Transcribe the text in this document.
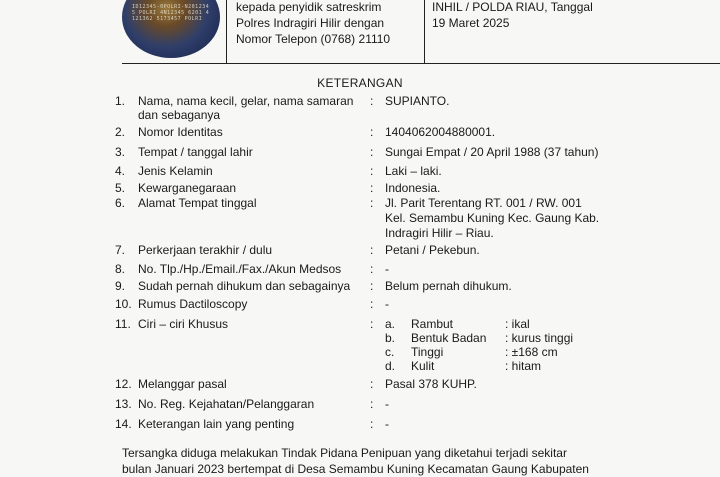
ID12345-0POLRI-N2012345 POLRI 4N12345 6201 4121362 5173457 POLRI
kepada penyidik satreskrim
Polres Indragiri Hilir dengan
Nomor Telepon (0768) 21110
INHIL / POLDA RIAU, Tanggal
19 Maret 2025
KETERANGAN
1. Nama, nama kecil, gelar, nama samaran
dan sebaganya
: SUPIANTO.
2. Nomor Identitas	: 1404062004880001.
3. Tempat / tanggal lahir	: Sungai Empat / 20 April 1988 (37 tahun)
4. Jenis Kelamin	: Laki – laki.
5. Kewarganegaraan	: Indonesia.
6. Alamat Tempat tinggal	: Jl. Parit Terentang RT. 001 / RW. 001
Kel. Semambu Kuning Kec. Gaung Kab.
Indragiri Hilir – Riau.
7. Perkerjaan terakhir / dulu	: Petani / Pekebun.
8. No. Tlp./Hp./Email./Fax./Akun Medsos	: -
9. Sudah pernah dihukum dan sebagainya	: Belum pernah dihukum.
10. Rumus Dactiloscopy	: -
11. Ciri – ciri Khusus	: a. Rambut	: ikal
b. Bentuk Badan : kurus tinggi
c. Tinggi	: ±168 cm
d. Kulit	: hitam
12. Melanggar pasal	: Pasal 378 KUHP.
13. No. Reg. Kejahatan/Pelanggaran	: -
14. Keterangan lain yang penting	: -
Tersangka diduga melakukan Tindak Pidana Penipuan yang diketahui terjadi sekitar
bulan Januari 2023 bertempat di Desa Semambu Kuning Kecamatan Gaung Kabupaten
